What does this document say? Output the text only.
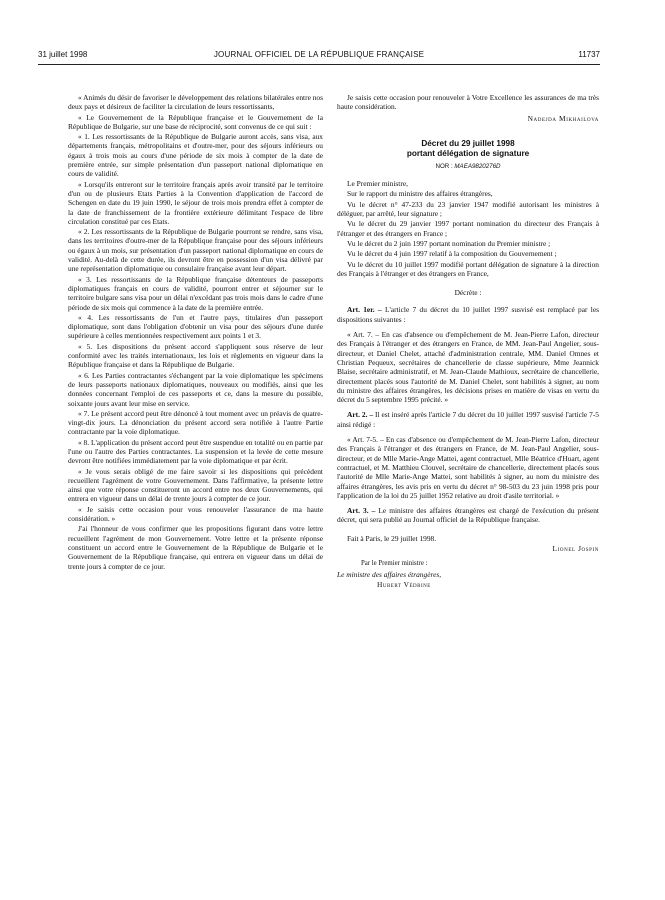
31 juillet 1998	JOURNAL OFFICIEL DE LA RÉPUBLIQUE FRANÇAISE	11737

« Animés du désir de favoriser le développement des relations bilatérales entre nos deux pays et désireux de faciliter la circulation de leurs ressortissants,

« Le Gouvernement de la République française et le Gouvernement de la République de Bulgarie, sur une base de réciprocité, sont convenus de ce qui suit :

« 1. Les ressortissants de la République de Bulgarie auront accès, sans visa, aux départements français, métropolitains et d'outre-mer, pour des séjours inférieurs ou égaux à trois mois au cours d'une période de six mois à compter de la date de première entrée, sur simple présentation d'un passeport national diplomatique en cours de validité.

« Lorsqu'ils entreront sur le territoire français après avoir transité par le territoire d'un ou de plusieurs Etats Parties à la Convention d'application de l'accord de Schengen en date du 19 juin 1990, le séjour de trois mois prendra effet à compter de la date de franchissement de la frontière extérieure délimitant l'espace de libre circulation constitué par ces Etats.

« 2. Les ressortissants de la République de Bulgarie pourront se rendre, sans visa, dans les territoires d'outre-mer de la République française pour des séjours inférieurs ou égaux à un mois, sur présentation d'un passeport national diplomatique en cours de validité. Au-delà de cette durée, ils devront être en possession d'un visa délivré par une représentation diplomatique ou consulaire française avant leur départ.

« 3. Les ressortissants de la République française détenteurs de passeports diplomatiques français en cours de validité, pourront entrer et séjourner sur le territoire bulgare sans visa pour un délai n'excédant pas trois mois dans le cadre d'une période de six mois qui commence à la date de la première entrée.

« 4. Les ressortissants de l'un et l'autre pays, titulaires d'un passeport diplomatique, sont dans l'obligation d'obtenir un visa pour des séjours d'une durée supérieure à celles mentionnées respectivement aux points 1 et 3.

« 5. Les dispositions du présent accord s'appliquent sous réserve de leur conformité avec les traités internationaux, les lois et règlements en vigueur dans la République française et dans la République de Bulgarie.

« 6. Les Parties contractantes s'échangent par la voie diplomatique les spécimens de leurs passeports nationaux diplomatiques, nouveaux ou modifiés, ainsi que les données concernant l'emploi de ces passeports et ce, dans la mesure du possible, soixante jours avant leur mise en service.

« 7. Le présent accord peut être dénoncé à tout moment avec un préavis de quatre-vingt-dix jours. La dénonciation du présent accord sera notifiée à l'autre Partie contractante par la voie diplomatique.

« 8. L'application du présent accord peut être suspendue en totalité ou en partie par l'une ou l'autre des Parties contractantes. La suspension et la levée de cette mesure devront être notifiées immédiatement par la voie diplomatique et par écrit.

« Je vous serais obligé de me faire savoir si les dispositions qui précèdent recueillent l'agrément de votre Gouvernement. Dans l'affirmative, la présente lettre ainsi que votre réponse constitueront un accord entre nos deux Gouvernements, qui entrera en vigueur dans un délai de trente jours à compter de ce jour.

« Je saisis cette occasion pour vous renouveler l'assurance de ma haute considération. »

J'ai l'honneur de vous confirmer que les propositions figurant dans votre lettre recueillent l'agrément de mon Gouvernement. Votre lettre et la présente réponse constituent un accord entre le Gouvernement de la République de Bulgarie et le Gouvernement de la République française, qui entrera en vigueur dans un délai de trente jours à compter de ce jour.

Je saisis cette occasion pour renouveler à Votre Excellence les assurances de ma très haute considération.

Nadejda Mikhailova
Décret du 29 juillet 1998
portant délégation de signature
NOR : MAEA9820276D

Le Premier ministre,

Sur le rapport du ministre des affaires étrangères,

Vu le décret n° 47-233 du 23 janvier 1947 modifié autorisant les ministres à déléguer, par arrêté, leur signature ;

Vu le décret du 29 janvier 1997 portant nomination du directeur des Français à l'étranger et des étrangers en France ;

Vu le décret du 2 juin 1997 portant nomination du Premier ministre ;

Vu le décret du 4 juin 1997 relatif à la composition du Gouvernement ;

Vu le décret du 10 juillet 1997 modifié portant délégation de signature à la direction des Français à l'étranger et des étrangers en France,

Décrète :

Art. 1er. – L'article 7 du décret du 10 juillet 1997 susvisé est remplacé par les dispositions suivantes :

« Art. 7. – En cas d'absence ou d'empêchement de M. Jean-Pierre Lafon, directeur des Français à l'étranger et des étrangers en France, de MM. Jean-Paul Angelier, sous-directeur, et Daniel Chelet, attaché d'administration centrale, MM. Daniel Omnes et Christian Pequeux, secrétaires de chancellerie de classe supérieure, Mme Jeannick Blaise, secrétaire administratif, et M. Jean-Claude Mathioux, secrétaire de chancellerie, directement placés sous l'autorité de M. Daniel Chelet, sont habilités à signer, au nom du ministre des affaires étrangères, les décisions prises en matière de visas en vertu du décret du 5 septembre 1995 précité. »

Art. 2. – Il est inséré après l'article 7 du décret du 10 juillet 1997 susvisé l'article 7-5 ainsi rédigé :

« Art. 7-5. – En cas d'absence ou d'empêchement de M. Jean-Pierre Lafon, directeur des Français à l'étranger et des étrangers en France, de M. Jean-Paul Angelier, sous-directeur, et de Mlle Marie-Ange Mattei, agent contractuel, Mlle Béatrice d'Huart, agent contractuel, et M. Matthieu Clouvel, secrétaire de chancellerie, directement placés sous l'autorité de Mlle Marie-Ange Mattei, sont habilités à signer, au nom du ministre des affaires étrangères, les avis pris en vertu du décret n° 98-503 du 23 juin 1998 pris pour l'application de la loi du 25 juillet 1952 relative au droit d'asile territorial. »

Art. 3. – Le ministre des affaires étrangères est chargé de l'exécution du présent décret, qui sera publié au Journal officiel de la République française.

Fait à Paris, le 29 juillet 1998.

Lionel Jospin

Par le Premier ministre :

Le ministre des affaires étrangères,

Hubert Védrine
